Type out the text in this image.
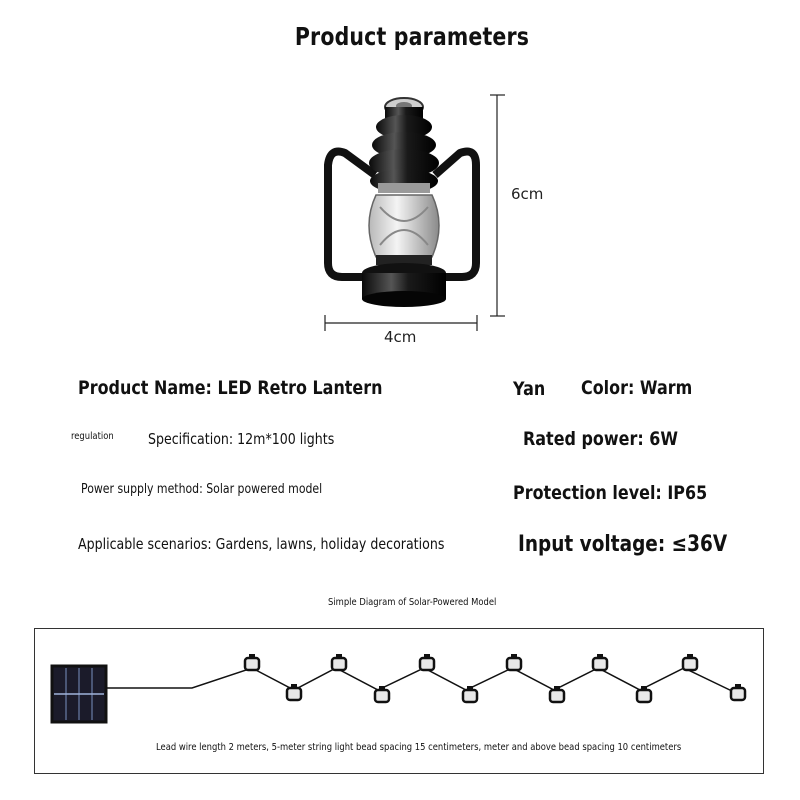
Product parameters
6cm
4cm
Product Name: LED Retro Lantern	Yan Color: Warm
regulation Specification: 12m*100 lights	Rated power: 6W
Power supply method: Solar powered model	Protection level: IP65
Applicable scenarios: Gardens, lawns, holiday decorations	Input voltage: ≤36V
Simple Diagram of Solar-Powered Model
Lead wire length 2 meters, 5-meter string light bead spacing 15 centimeters, meter and above bead spacing 10 centimeters
